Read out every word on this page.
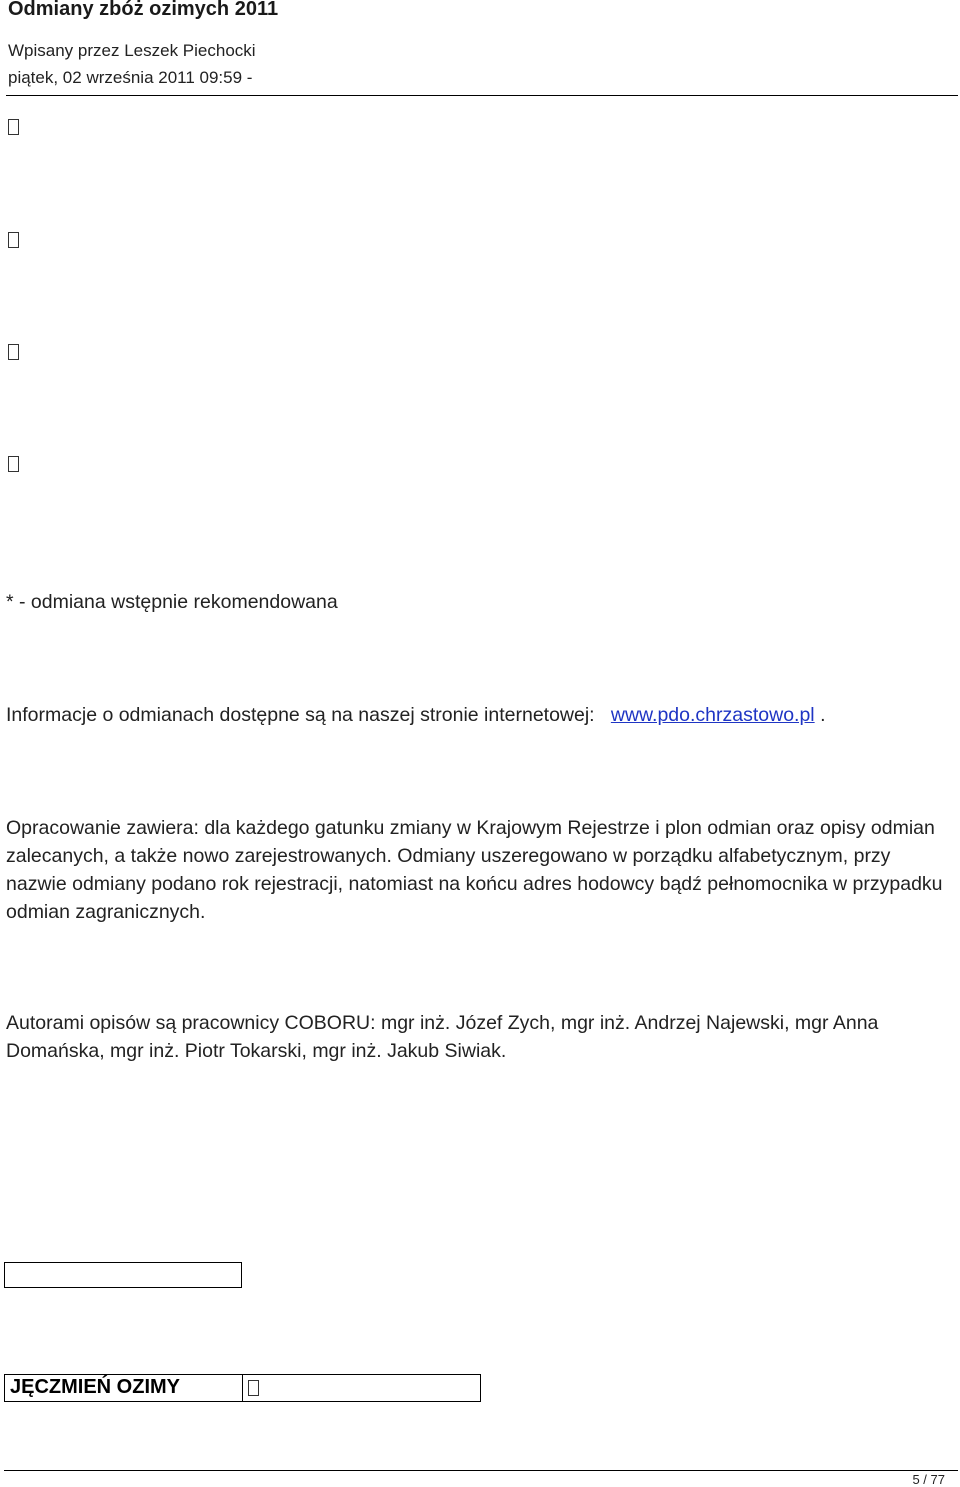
Odmiany zbóż ozimych 2011
Wpisany przez Leszek Piechocki
piątek, 02 września 2011 09:59 -
* - odmiana wstępnie rekomendowana
Informacje o odmianach dostępne są na naszej stronie internetowej: www.pdo.chrzastowo.pl .
Opracowanie zawiera: dla każdego gatunku zmiany w Krajowym Rejestrze i plon odmian oraz opisy odmian zalecanych, a także nowo zarejestrowanych. Odmiany uszeregowano w porządku alfabetycznym, przy nazwie odmiany podano rok rejestracji, natomiast na końcu adres hodowcy bądź pełnomocnika w przypadku odmian zagranicznych.
Autorami opisów są pracownicy COBORU: mgr inż. Józef Zych, mgr inż. Andrzej Najewski, mgr Anna Domańska, mgr inż. Piotr Tokarski, mgr inż. Jakub Siwiak.
JĘCZMIEŃ OZIMY
5 / 77
